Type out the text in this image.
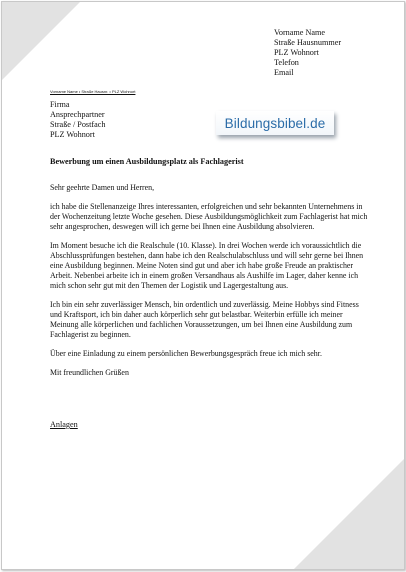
Vorname Name
Straße Hausnummer
PLZ Wohnort
Telefon
Email
Vorname Name • Straße Hausnr. • PLZ Wohnort
Firma
Ansprechpartner
Straße / Postfach
PLZ Wohnort
Bildungsbibel.de
Bewerbung um einen Ausbildungsplatz als Fachlagerist

Sehr geehrte Damen und Herren,

ich habe die Stellenanzeige Ihres interessanten, erfolgreichen und sehr bekannten Unternehmens in der Wochenzeitung letzte Woche gesehen. Diese Ausbildungsmöglichkeit zum Fachlagerist hat mich sehr angesprochen, deswegen will ich gerne bei Ihnen eine Ausbildung absolvieren.

Im Moment besuche ich die Realschule (10. Klasse). In drei Wochen werde ich voraussichtlich die Abschlussprüfungen bestehen, dann habe ich den Realschulabschluss und will sehr gerne bei Ihnen eine Ausbildung beginnen. Meine Noten sind gut und aber ich habe große Freude an praktischer Arbeit. Nebenbei arbeite ich in einem großen Versandhaus als Aushilfe im Lager, daher kenne ich mich schon sehr gut mit den Themen der Logistik und Lagergestaltung aus.

Ich bin ein sehr zuverlässiger Mensch, bin ordentlich und zuverlässig. Meine Hobbys sind Fitness und Kraftsport, ich bin daher auch körperlich sehr gut belastbar. Weiterbin erfülle ich meiner Meinung alle körperlichen und fachlichen Voraussetzungen, um bei Ihnen eine Ausbildung zum Fachlagerist zu beginnen.

Über eine Einladung zu einem persönlichen Bewerbungsgespräch freue ich mich sehr.

Mit freundlichen Grüßen

Anlagen
